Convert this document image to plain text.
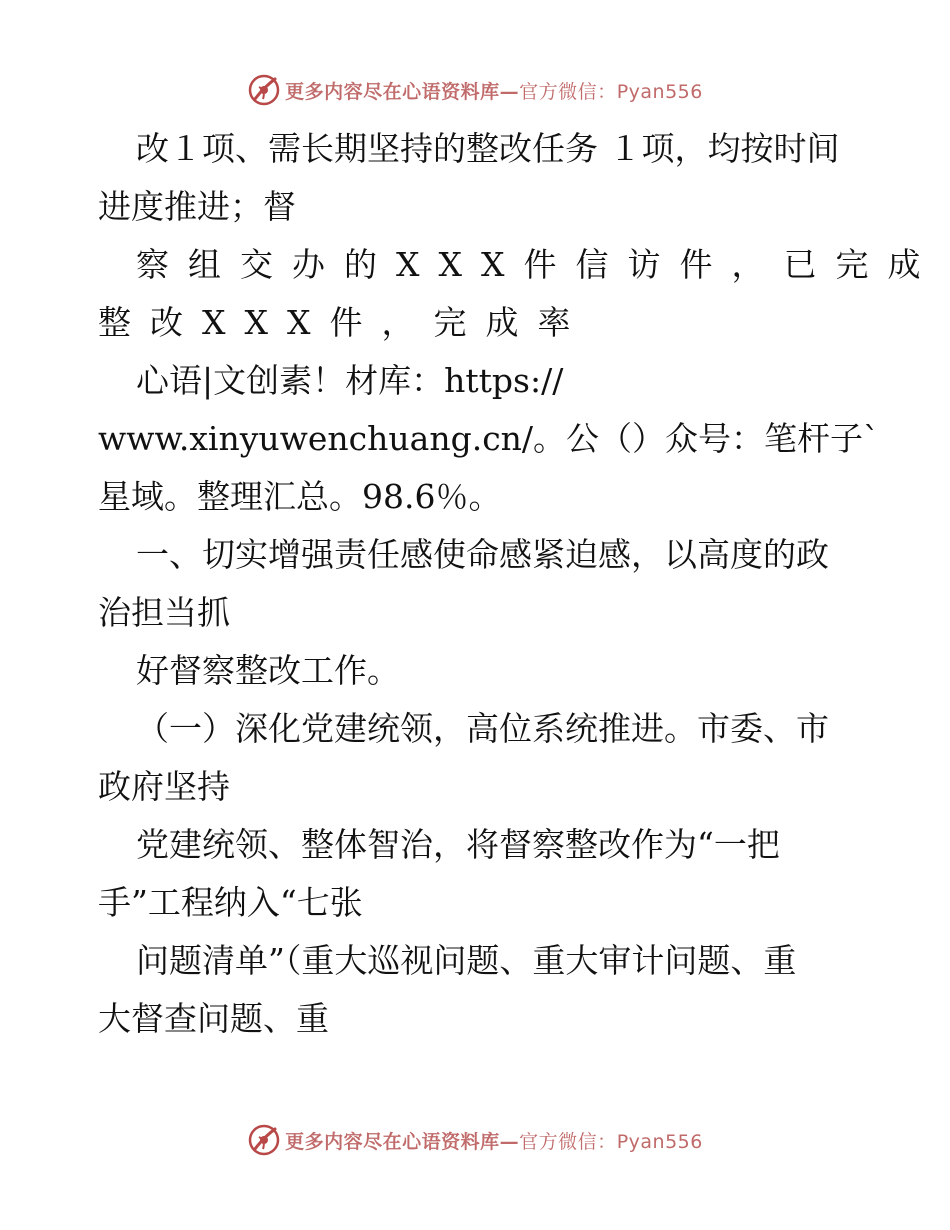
更多内容尽在心语资料库—官方微信：Pyan556
改１项、需长期坚持的整改任务 １项，均按时间
进度推进；督
察组交办的XXX件信访件，已完成
整改XXX件，完成率
心语|文创素！材库：https://
www.xinyuwenchuang.cn/。公（）众号：笔杆子`
星域。整理汇总。98.6％。
一、切实增强责任感使命感紧迫感，以高度的政
治担当抓
好督察整改工作。
（一）深化党建统领，高位系统推进。市委、市
政府坚持
党建统领、整体智治，将督察整改作为“一把
手”工程纳入“七张
问题清单”（重大巡视问题、重大审计问题、重
大督查问题、重
更多内容尽在心语资料库—官方微信：Pyan556
